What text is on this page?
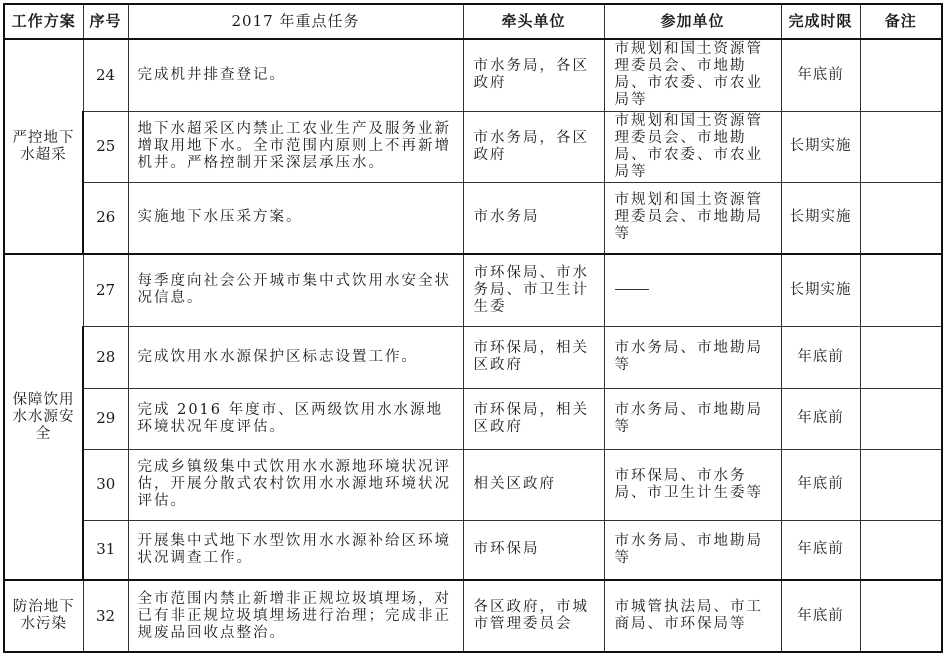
工作方案	序号	2017 年重点任务	牵头单位	参加单位	完成时限	备注

严控地下水超采	24	完成机井排查登记。	市水务局，各区政府	市规划和国土资源管理委员会、市地勘局、市农委、市农业局等	年底前	
	25	地下水超采区内禁止工农业生产及服务业新增取用地下水。全市范围内原则上不再新增机井。严格控制开采深层承压水。	市水务局，各区政府	市规划和国土资源管理委员会、市地勘局、市农委、市农业局等	长期实施	
	26	实施地下水压采方案。	市水务局	市规划和国土资源管理委员会、市地勘局等	长期实施	

保障饮用水水源安全	27	每季度向社会公开城市集中式饮用水安全状况信息。	市环保局、市水务局、市卫生计生委		长期实施	
	28	完成饮用水水源保护区标志设置工作。	市环保局，相关区政府	市水务局、市地勘局等	年底前	
	29	完成 2016 年度市、区两级饮用水水源地环境状况年度评估。	市环保局，相关区政府	市水务局、市地勘局等	年底前	
	30	完成乡镇级集中式饮用水水源地环境状况评估，开展分散式农村饮用水水源地环境状况评估。	相关区政府	市环保局、市水务局、市卫生计生委等	年底前	
	31	开展集中式地下水型饮用水水源补给区环境状况调查工作。	市环保局	市水务局、市地勘局等	年底前	

防治地下水污染	32	全市范围内禁止新增非正规垃圾填埋场，对已有非正规垃圾填埋场进行治理；完成非正规废品回收点整治。	各区政府，市城市管理委员会	市城管执法局、市工商局、市环保局等	年底前	
